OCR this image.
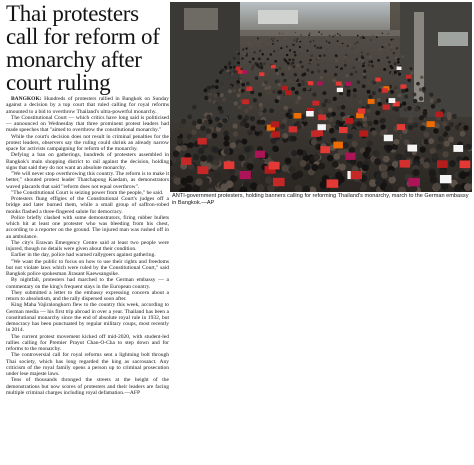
Thai protesters
call for reform of
monarchy after
court ruling

BANGKOK: Hundreds of protesters rallied in Bangkok on Sunday against a decision by a top court that ruled calling for royal reforms amounted to a bid to overthrow Thailand's ultra-powerful monarchy.

The Constitutional Court — which critics have long said is politicised — announced on Wednesday that three prominent protest leaders had made speeches that "aimed to overthrow the constitutional monarchy."

While the court's decision does not result in criminal penalties for the protest leaders, observers say the ruling could shrink an already narrow space for activists campaigning for reform of the monarchy.

Defying a ban on gatherings, hundreds of protesters assembled in Bangkok's main shopping district to rail against the decision, holding signs that said they do not want an absolute monarchy.

"We will never stop overthrowing this country. The reform is to make it better," shouted protest leader Thatchapong Kaedam, as demonstrators waved placards that said "reform does not equal overthrow".

"The Constitutional Court is seizing power from the people," he said.

Protesters flung effigies of the Constitutional Court's judges off a bridge and later burned them, while a small group of saffron-robed monks flashed a three-fingered salute for democracy.

Police briefly clashed with some demonstrators, firing rubber bullets which hit at least one protester who was bleeding from his chest, according to a reporter on the ground. The injured man was rushed off in an ambulance.

The city's Erawan Emergency Centre said at least two people were injured, though no details were given about their condition.

Earlier in the day, police had warned rallygoers against gathering.

"We want the public to focus on how to use their rights and freedoms but not violate laws which were ruled by the Constitutional Court," said Bangkok police spokesman Jirasant Kaewsangsike.

By nightfall, protesters had marched to the German embassy — a commentary on the king's frequent stays in the European country.

They submitted a letter to the embassy expressing concern about a return to absolutism, and the rally dispersed soon after.

King Maha Vajiralongkorn flew to the country this week, according to German media — his first trip abroad in over a year. Thailand has been a constitutional monarchy since the end of absolute royal rule in 1932, but democracy has been punctuated by regular military coups, most recently in 2014.

The current protest movement kicked off mid-2020, with student-led rallies calling for Premier Prayut Chan-O-Cha to step down and for reforms to the monarchy.

The controversial call for royal reforms sent a lightning bolt through Thai society, which has long regarded the king as sacrosanct. Any criticism of the royal family opens a person up to criminal prosecution under lese majeste laws.

Tens of thousands thronged the streets at the height of the demonstrations but now scores of protesters and their leaders are facing multiple criminal charges including royal defamation.—AFP

ANTI-government protesters, holding banners calling for reforming Thailand's monarchy, march to the German embassy in Bangkok.—AP
